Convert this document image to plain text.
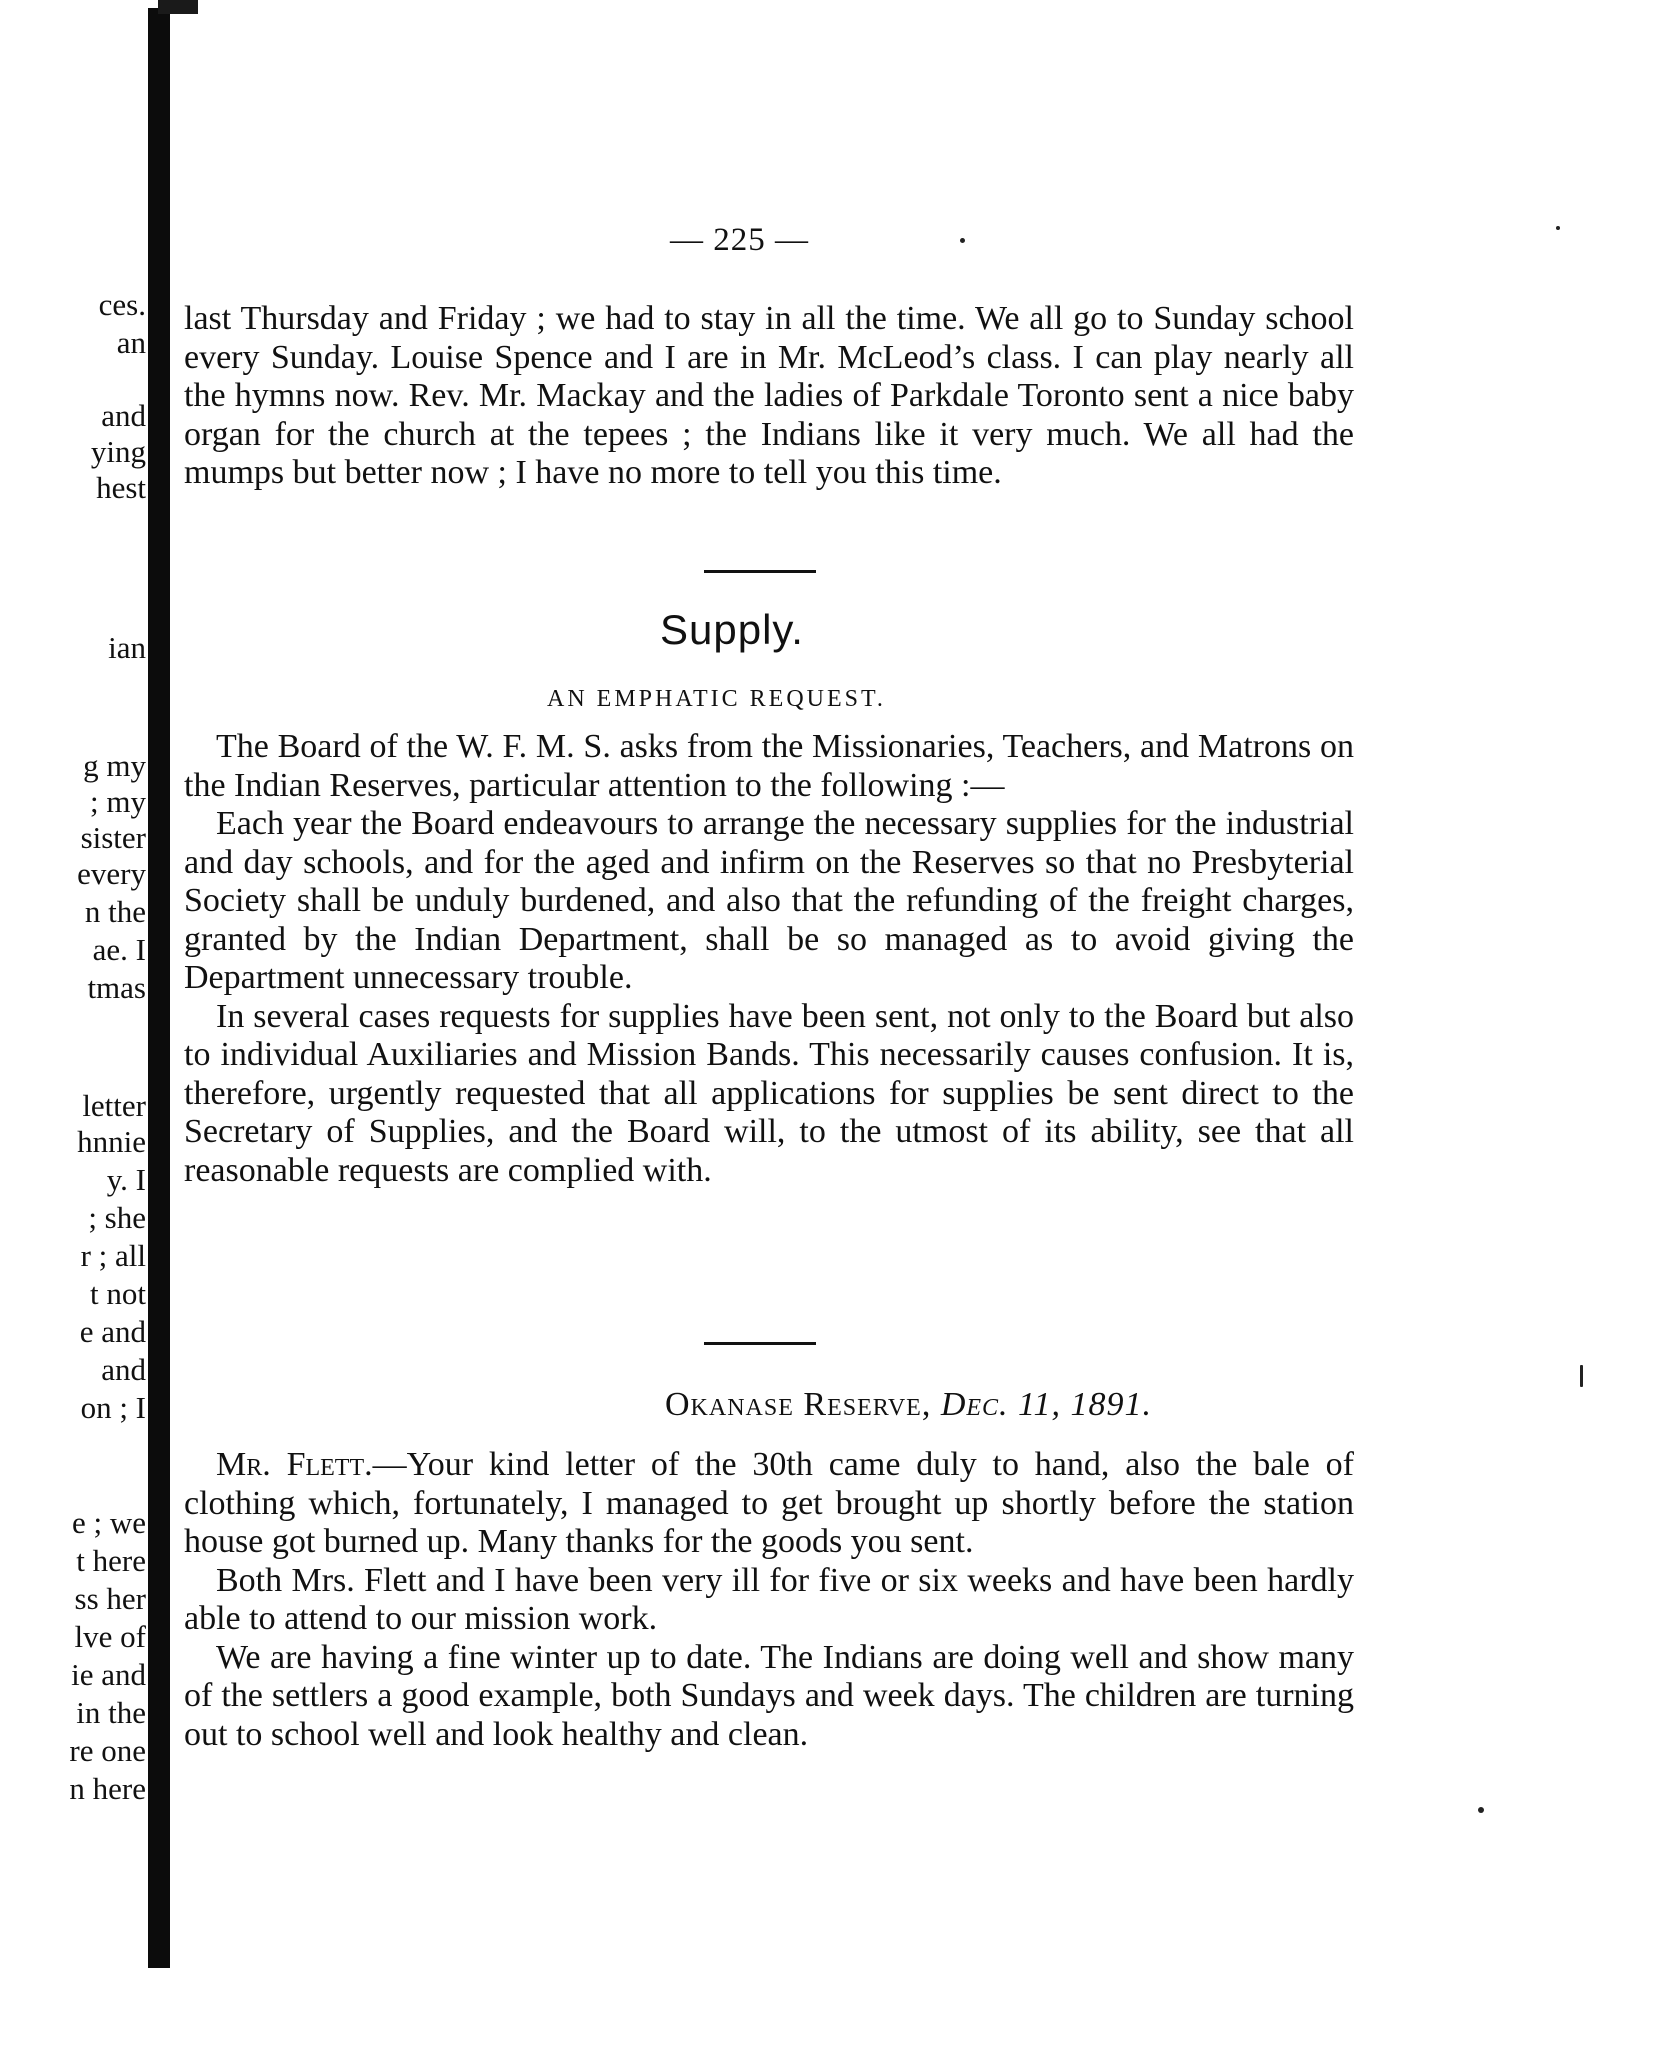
ces.
an
and
ying
hest
ian
g my
; my
sister
every
n the
ae. I
tmas
letter
hnnie
y. I
; she
r ; all
t not
e and
and
on ; I
e ; we
t here
ss her
lve of
ie and
in the
re one
n here
— 225 —

last Thursday and Friday ; we had to stay in all the time. We all go to Sunday school every Sunday. Louise Spence and I are in Mr. McLeod’s class. I can play nearly all the hymns now. Rev. Mr. Mackay and the ladies of Parkdale Toronto sent a nice baby organ for the church at the tepees ; the Indians like it very much. We all had the mumps but better now ; I have no more to tell you this time.

Supply.
AN EMPHATIC REQUEST.

The Board of the W. F. M. S. asks from the Missionaries, Teachers, and Matrons on the Indian Reserves, particular attention to the following :—

Each year the Board endeavours to arrange the necessary supplies for the industrial and day schools, and for the aged and infirm on the Reserves so that no Presbyterial Society shall be unduly burdened, and also that the refunding of the freight charges, granted by the Indian Department, shall be so managed as to avoid giving the Department unnecessary trouble.

In several cases requests for supplies have been sent, not only to the Board but also to individual Auxiliaries and Mission Bands. This necessarily causes confusion. It is, therefore, urgently requested that all applications for supplies be sent direct to the Secretary of Supplies, and the Board will, to the utmost of its ability, see that all reasonable requests are complied with.

Okanase Reserve, Dec. 11, 1891.

Mr. Flett.—Your kind letter of the 30th came duly to hand, also the bale of clothing which, fortunately, I managed to get brought up shortly before the station house got burned up. Many thanks for the goods you sent.

Both Mrs. Flett and I have been very ill for five or six weeks and have been hardly able to attend to our mission work.

We are having a fine winter up to date. The Indians are doing well and show many of the settlers a good example, both Sundays and week days. The children are turning out to school well and look healthy and clean.
